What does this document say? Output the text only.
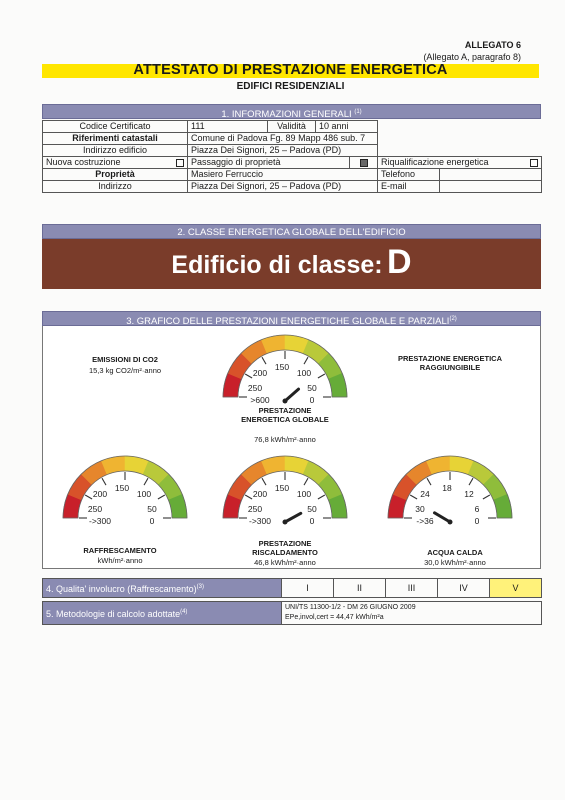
ALLEGATO 6
(Allegato A, paragrafo 8)
ATTESTATO DI PRESTAZIONE ENERGETICA
EDIFICI RESIDENZIALI
1. INFORMAZIONI GENERALI $^{(1)}$
Codice Certificato	111	Validità	10 anni			
Riferimenti catastali	Comune di Padova Fg. 89 Mapp 486 sub. 7					
Indirizzo edificio	Piazza Dei Signori, 25 – Padova (PD)					
Nuova costruzione	Passaggio di proprietà				Riqualificazione energetica	

Proprietà	Masiero Ferruccio				Telefono	
Indirizzo	Piazza Dei Signori, 25 – Padova (PD)				E-mail	
2. CLASSE ENERGETICA GLOBALE DELL'EDIFICIO
Edificio di classe: D
3. GRAFICO DELLE PRESTAZIONI ENERGETICHE GLOBALE E PARZIALI$^{(2)}$
EMISSIONI DI CO2
15,3 kg CO2/m²·anno
PRESTAZIONE ENERGETICA RAGGIUNGIBILE
200
150
100
250	50
>600	0
200
150
100
250	50
->300	0
200
150
100
250	50
->300	0
24
18
12
30	6
->36	0
PRESTAZIONE
ENERGETICA GLOBALE
76,8 kWh/m²·anno
RAFFRESCAMENTO
kWh/m²·anno
PRESTAZIONE
RISCALDAMENTO
46,8 kWh/m²·anno
ACQUA CALDA
30,0 kWh/m²·anno
4. Qualita' involucro (Raffrescamento)$^{(3)}$	I	II	III	IV	V
5. Metodologie di calcolo adottate$^{(4)}$	
UNI/TS 11300-1/2 - DM 26 GIUGNO 2009
EPe,invol,cert = 44,47 kWh/m²a
